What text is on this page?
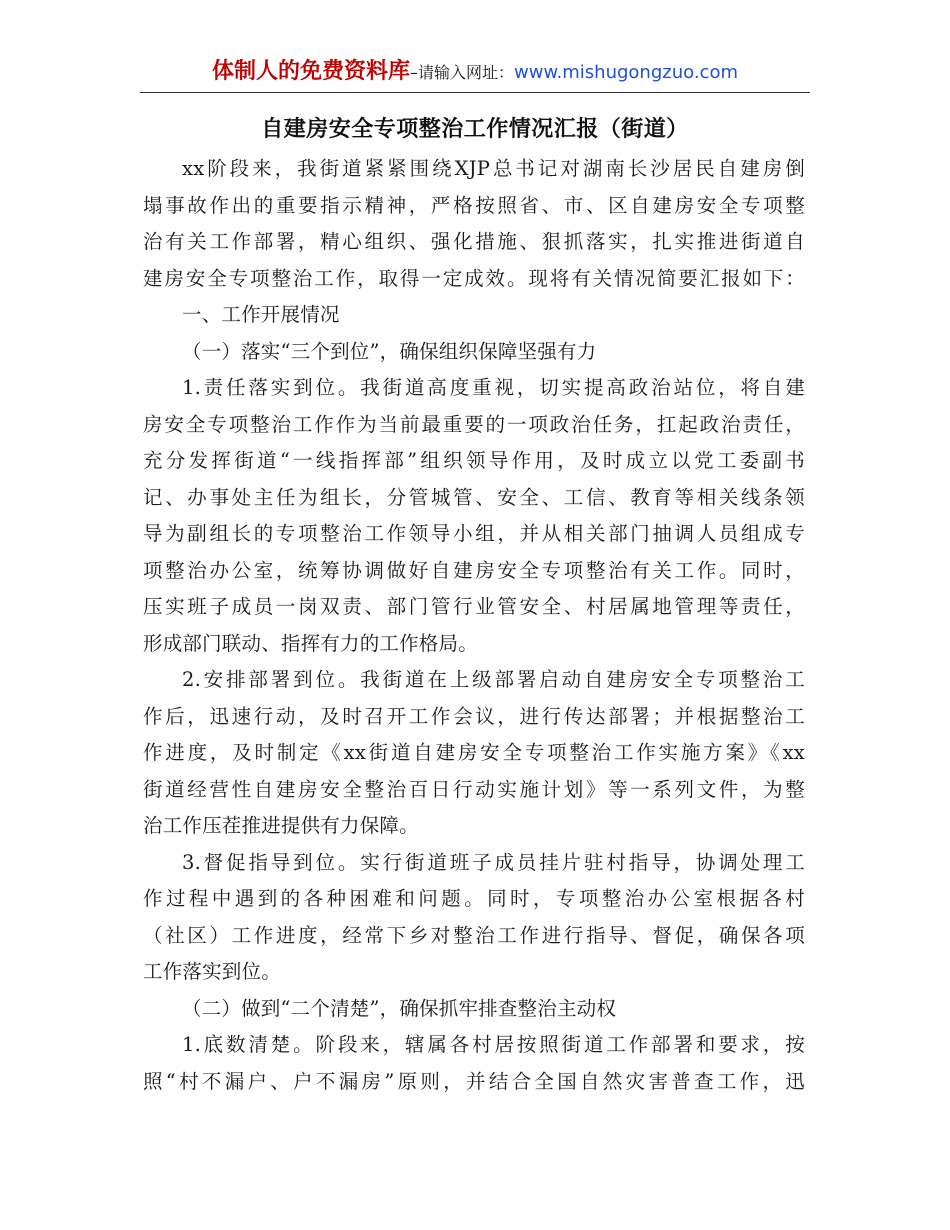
体制人的免费资料库–请输入网址：www.mishugongzuo.com
自建房安全专项整治工作情况汇报（街道）
xx阶段来，我街道紧紧围绕XJP总书记对湖南长沙居民自建房倒
塌事故作出的重要指示精神，严格按照省、市、区自建房安全专项整
治有关工作部署，精心组织、强化措施、狠抓落实，扎实推进街道自
建房安全专项整治工作，取得一定成效。现将有关情况简要汇报如下：
一、工作开展情况
（一）落实“三个到位”，确保组织保障坚强有力
1.责任落实到位。我街道高度重视，切实提高政治站位，将自建
房安全专项整治工作作为当前最重要的一项政治任务，扛起政治责任，
充分发挥街道“一线指挥部”组织领导作用，及时成立以党工委副书
记、办事处主任为组长，分管城管、安全、工信、教育等相关线条领
导为副组长的专项整治工作领导小组，并从相关部门抽调人员组成专
项整治办公室，统筹协调做好自建房安全专项整治有关工作。同时，
压实班子成员一岗双责、部门管行业管安全、村居属地管理等责任，
形成部门联动、指挥有力的工作格局。
2.安排部署到位。我街道在上级部署启动自建房安全专项整治工
作后，迅速行动，及时召开工作会议，进行传达部署；并根据整治工
作进度，及时制定《xx街道自建房安全专项整治工作实施方案》《xx
街道经营性自建房安全整治百日行动实施计划》等一系列文件，为整
治工作压茬推进提供有力保障。
3.督促指导到位。实行街道班子成员挂片驻村指导，协调处理工
作过程中遇到的各种困难和问题。同时，专项整治办公室根据各村
（社区）工作进度，经常下乡对整治工作进行指导、督促，确保各项
工作落实到位。
（二）做到“二个清楚”，确保抓牢排查整治主动权
1.底数清楚。阶段来，辖属各村居按照街道工作部署和要求，按
照“村不漏户、户不漏房”原则，并结合全国自然灾害普查工作，迅
